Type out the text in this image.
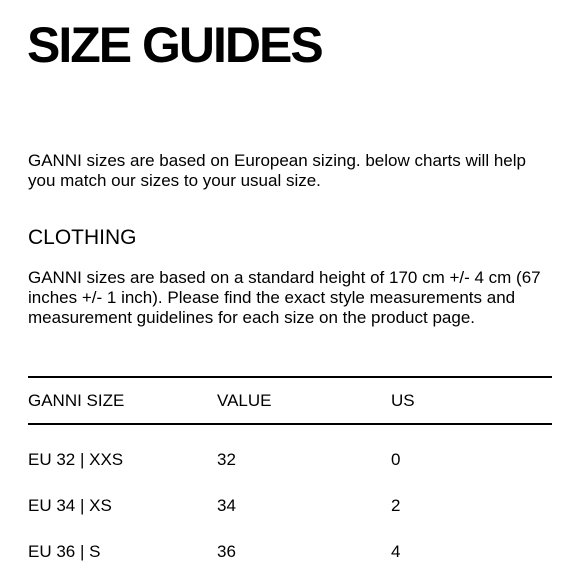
SIZE GUIDES

GANNI sizes are based on European sizing. below charts will help you match our sizes to your usual size.

CLOTHING

GANNI sizes are based on a standard height of 170 cm +/- 4 cm (67 inches +/- 1 inch). Please find the exact style measurements and measurement guidelines for each size on the product page.

GANNI SIZE	VALUE	US
EU 32 | XXS	32	0
EU 34 | XS	34	2
EU 36 | S	36	4
